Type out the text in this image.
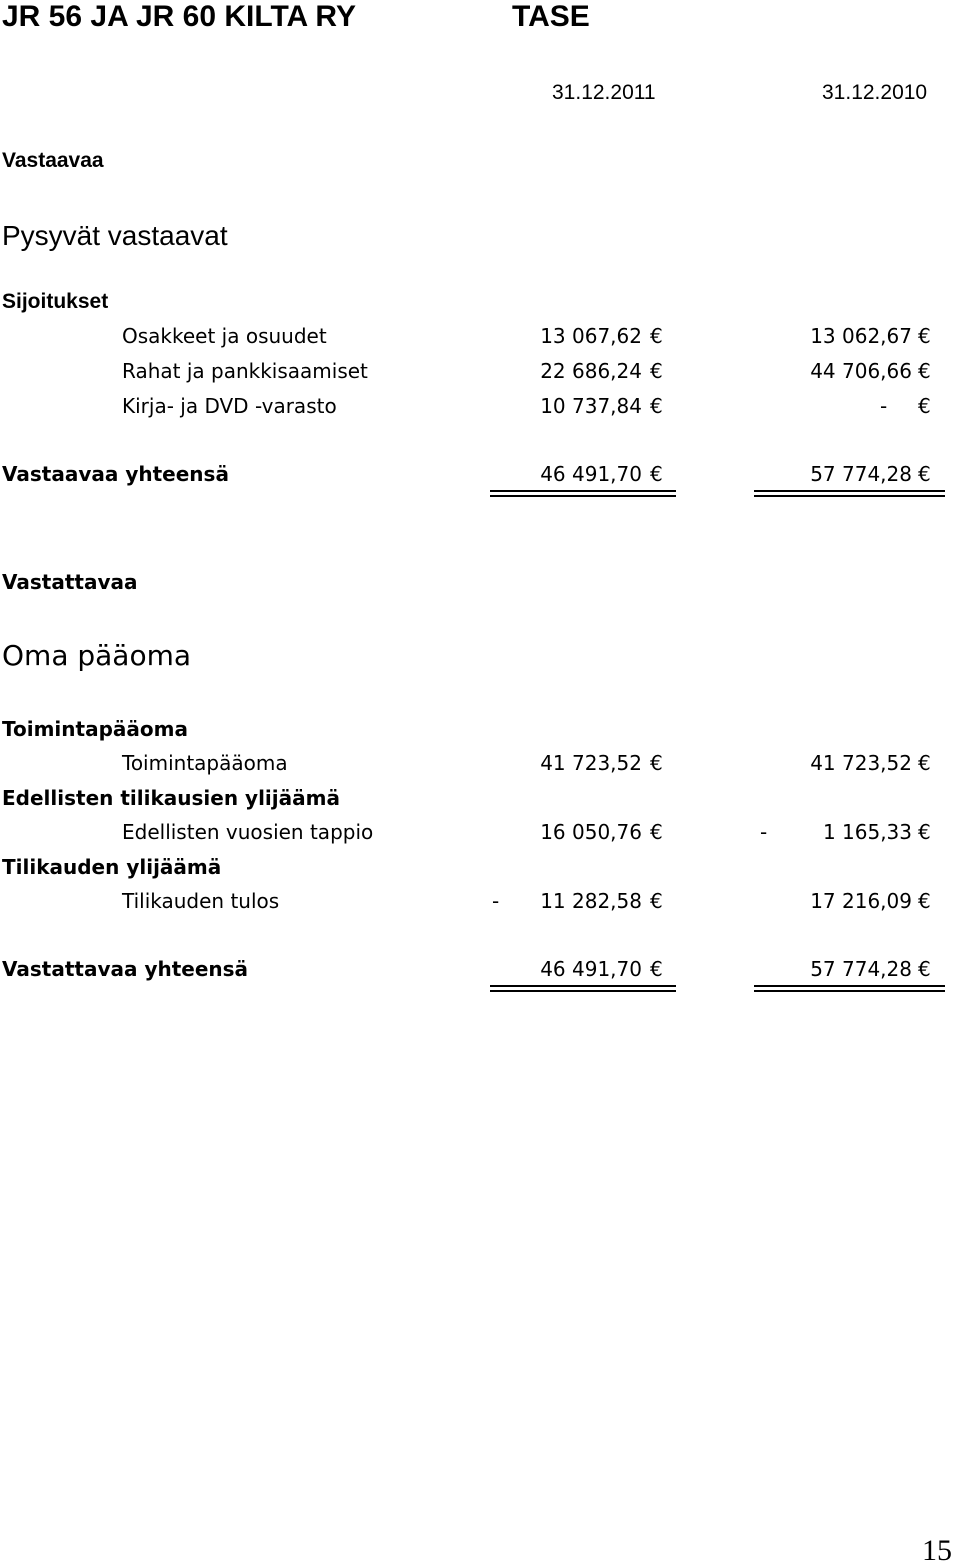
JR 56 JA JR 60 KILTA RY	TASE
31.12.2011	31.12.2010
Vastaavaa
Pysyvät vastaavat
Sijoitukset
Osakkeet ja osuudet	13 067,62 €	13 062,67 €
Rahat ja pankkisaamiset	22 686,24 €	44 706,66 €
Kirja- ja DVD -varasto	10 737,84 €	- €
Vastaavaa yhteensä	46 491,70 €	57 774,28 €
Vastattavaa
Oma pääoma
Toimintapääoma
Toimintapääoma	41 723,52 €	41 723,52 €
Edellisten tilikausien ylijäämä
Edellisten vuosien tappio	16 050,76 €	-	1 165,33 €
Tilikauden ylijäämä
Tilikauden tulos	- 11 282,58 €	17 216,09 €
Vastattavaa yhteensä	46 491,70 €	57 774,28 €
15
